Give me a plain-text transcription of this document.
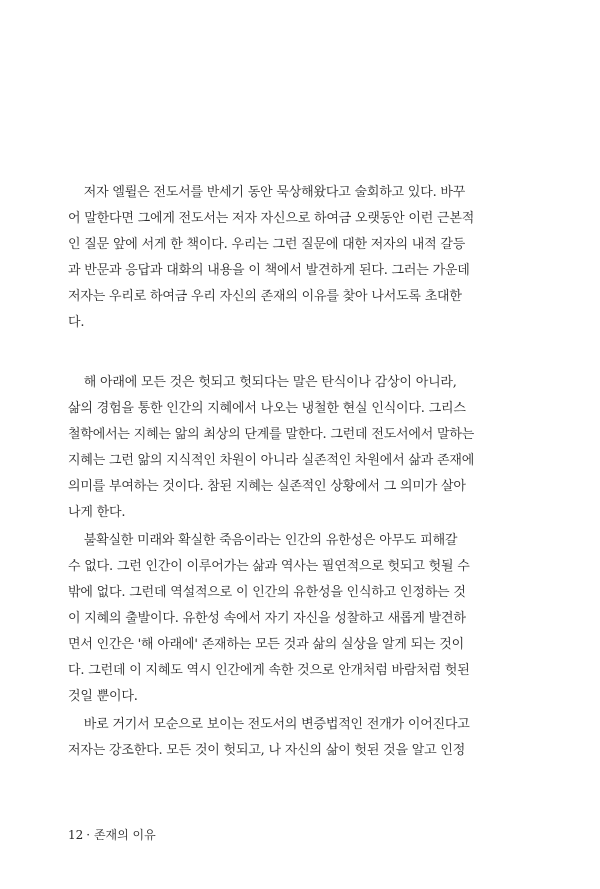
저자 엘륄은 전도서를 반세기 동안 묵상해왔다고 술회하고 있다. 바꾸
어 말한다면 그에게 전도서는 저자 자신으로 하여금 오랫동안 이런 근본적
인 질문 앞에 서게 한 책이다. 우리는 그런 질문에 대한 저자의 내적 갈등
과 반문과 응답과 대화의 내용을 이 책에서 발견하게 된다. 그러는 가운데
저자는 우리로 하여금 우리 자신의 존재의 이유를 찾아 나서도록 초대한
다.
해 아래에 모든 것은 헛되고 헛되다는 말은 탄식이나 감상이 아니라,
삶의 경험을 통한 인간의 지혜에서 나오는 냉철한 현실 인식이다. 그리스
철학에서는 지혜는 앎의 최상의 단계를 말한다. 그런데 전도서에서 말하는
지혜는 그런 앎의 지식적인 차원이 아니라 실존적인 차원에서 삶과 존재에
의미를 부여하는 것이다. 참된 지혜는 실존적인 상황에서 그 의미가 살아
나게 한다.
불확실한 미래와 확실한 죽음이라는 인간의 유한성은 아무도 피해갈
수 없다. 그런 인간이 이루어가는 삶과 역사는 필연적으로 헛되고 헛될 수
밖에 없다. 그런데 역설적으로 이 인간의 유한성을 인식하고 인정하는 것
이 지혜의 출발이다. 유한성 속에서 자기 자신을 성찰하고 새롭게 발견하
면서 인간은 '해 아래에' 존재하는 모든 것과 삶의 실상을 알게 되는 것이
다. 그런데 이 지혜도 역시 인간에게 속한 것으로 안개처럼 바람처럼 헛된
것일 뿐이다.
바로 거기서 모순으로 보이는 전도서의 변증법적인 전개가 이어진다고
저자는 강조한다. 모든 것이 헛되고, 나 자신의 삶이 헛된 것을 알고 인정
12 · 존재의 이유
